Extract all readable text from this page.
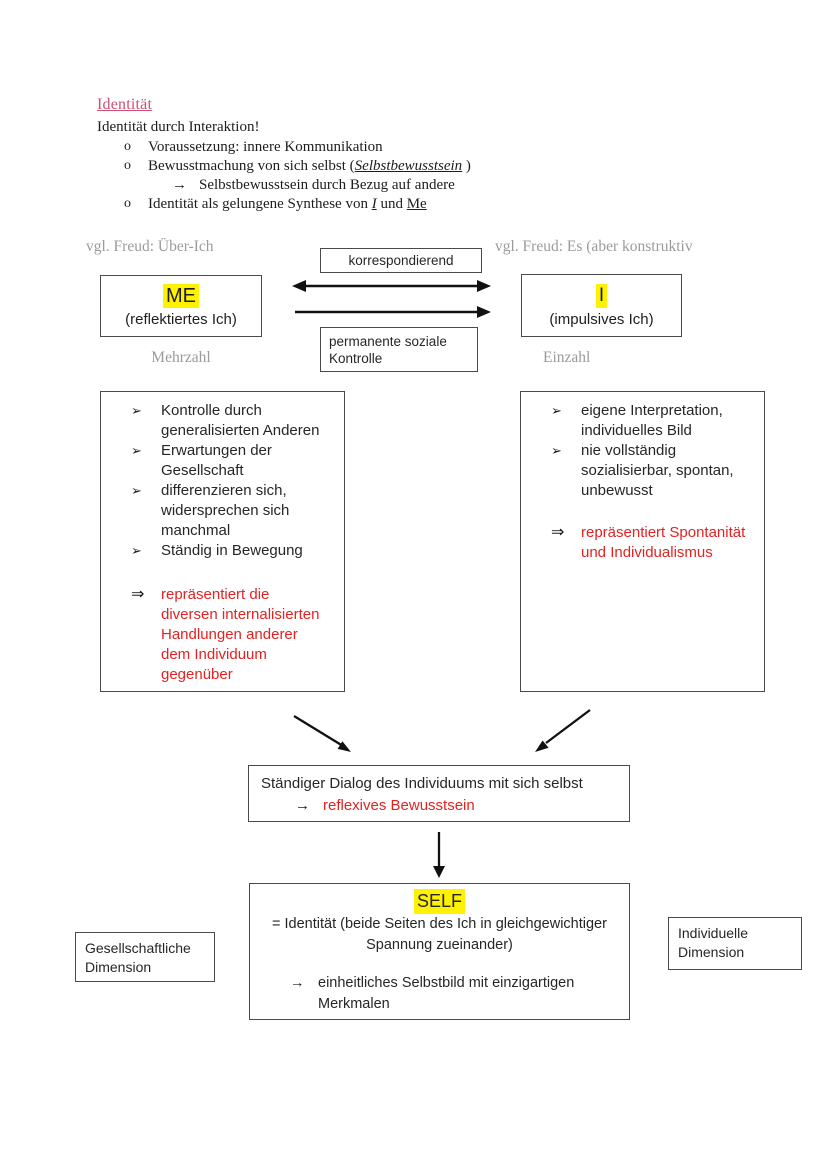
Identität
Identität durch Interaktion!
o	Voraussetzung: innere Kommunikation
o	Bewusstmachung von sich selbst (Selbstbewusstsein )
→ Selbstbewusstsein durch Bezug auf andere
o	Identität als gelungene Synthese von I und Me
vgl. Freud: Über-Ich	vgl. Freud: Es (aber konstruktiv
korrespondierend
ME
(reflektiertes Ich)
I
(impulsives Ich)
permanente soziale
Kontrolle
Mehrzahl	Einzahl
➢	Kontrolle durch
generalisierten Anderen
➢	Erwartungen der
Gesellschaft
➢	differenzieren sich,
widersprechen sich
manchmal
➢	Ständig in Bewegung
⇒	repräsentiert die
diversen internalisierten
Handlungen anderer
dem Individuum
gegenüber
➢	eigene Interpretation,
individuelles Bild
➢	nie vollständig
sozialisierbar, spontan,
unbewusst
⇒	repräsentiert Spontanität
und Individualismus
Ständiger Dialog des Individuums mit sich selbst
→ reflexives Bewusstsein
SELF
= Identität (beide Seiten des Ich in gleichgewichtiger
Spannung zueinander)
→ einheitliches Selbstbild mit einzigartigen
Merkmalen
Gesellschaftliche
Dimension
Individuelle
Dimension
